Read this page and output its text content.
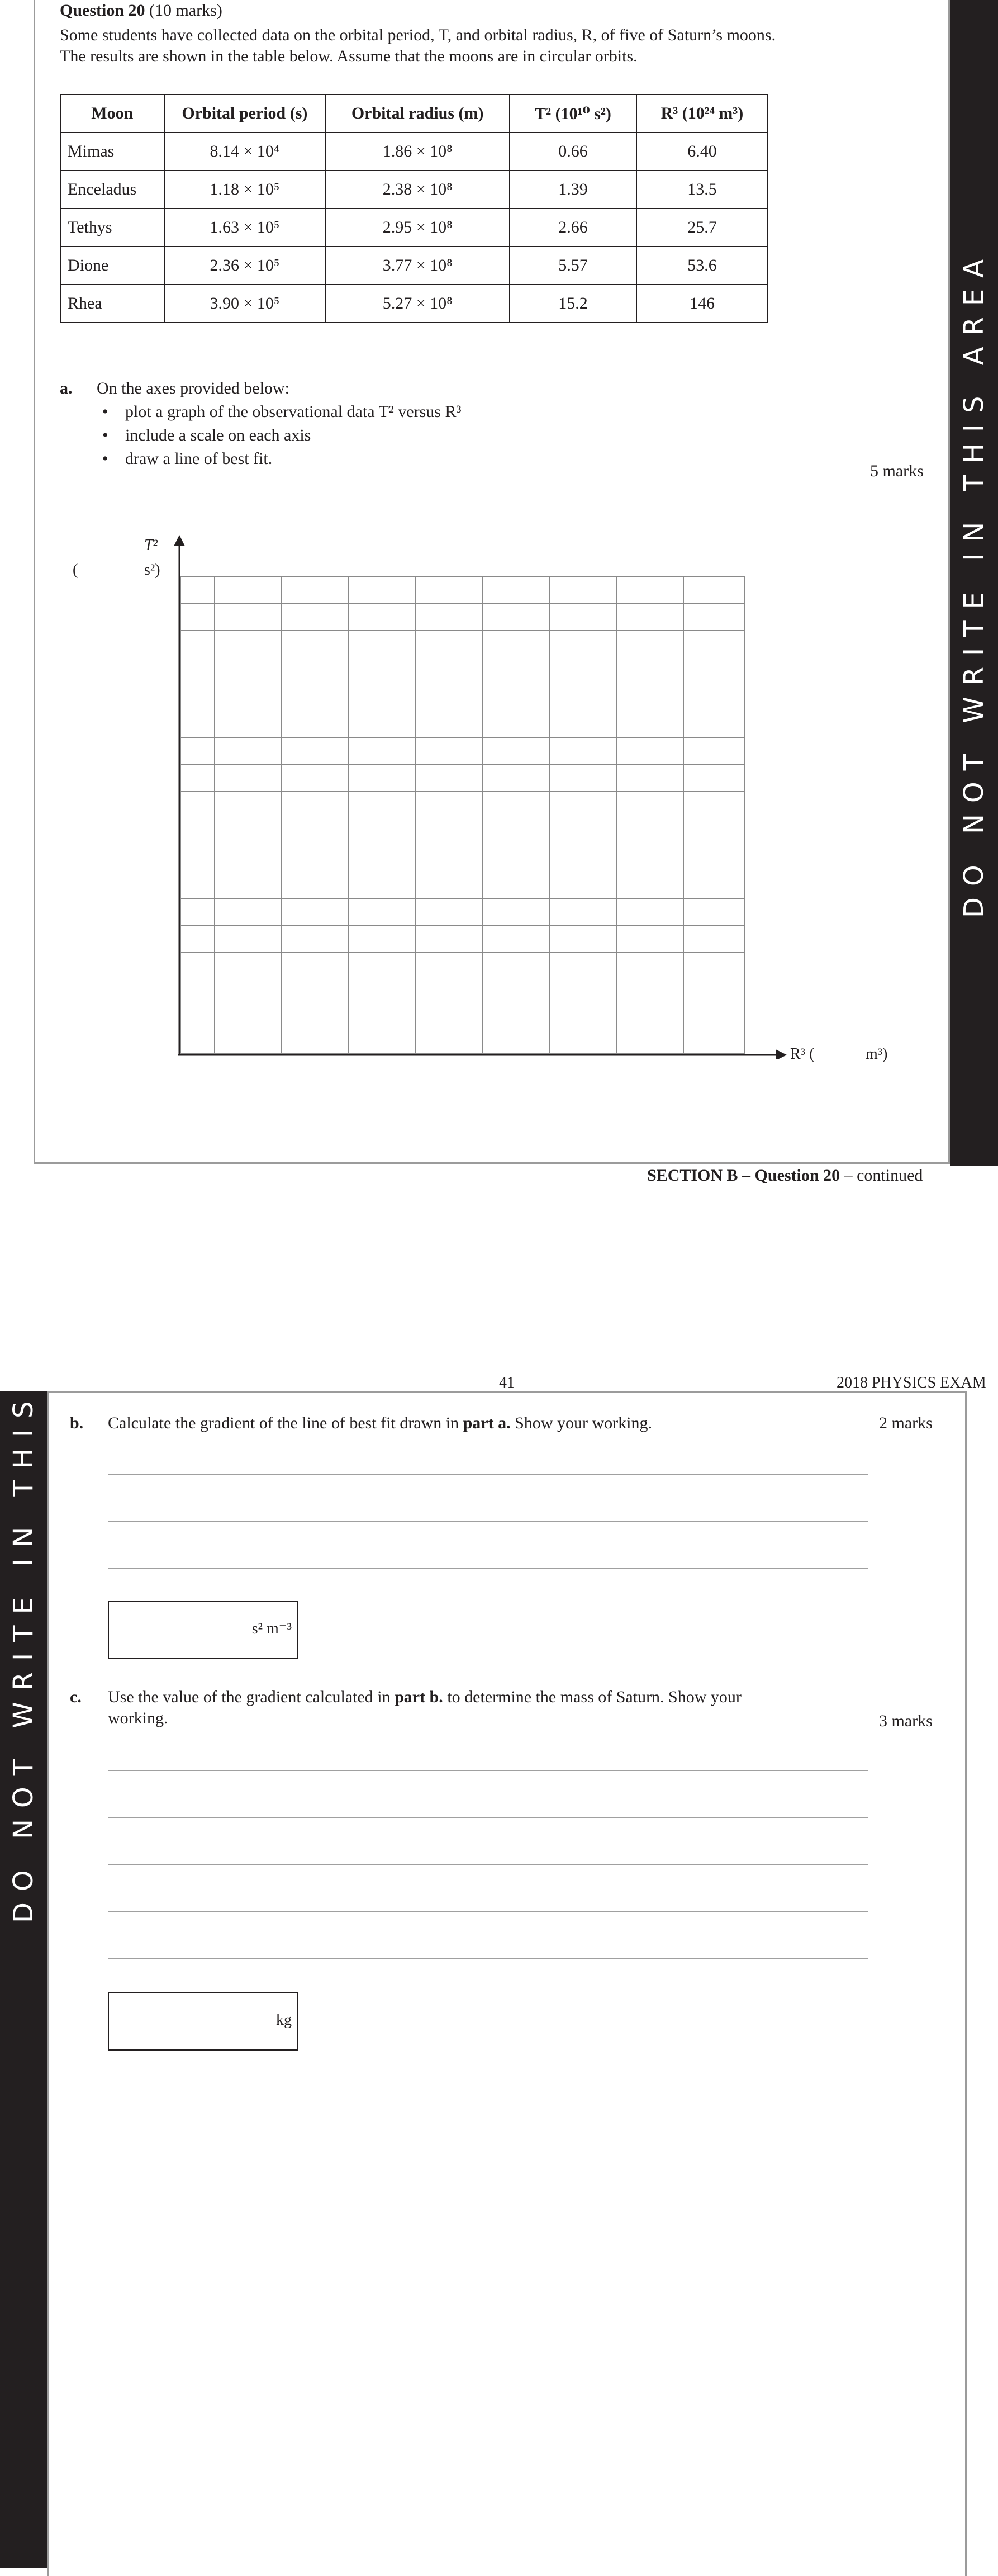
DO NOT WRITE IN THIS AREA
Question 20 (10 marks)
Some students have collected data on the orbital period, T, and orbital radius, R, of five of Saturn’s moons.
The results are shown in the table below. Assume that the moons are in circular orbits.
Moon	Orbital period (s)	Orbital radius (m)	T² (10¹⁰ s²)	R³ (10²⁴ m³)
Mimas	8.14 × 10⁴	1.86 × 10⁸	0.66	6.40
Enceladus	1.18 × 10⁵	2.38 × 10⁸	1.39	13.5
Tethys	1.63 × 10⁵	2.95 × 10⁸	2.66	25.7
Dione	2.36 × 10⁵	3.77 × 10⁸	5.57	53.6
Rhea	3.90 × 10⁵	5.27 × 10⁸	15.2	146
a. On the axes provided below:
• plot a graph of the observational data T² versus R³
• include a scale on each axis
• draw a line of best fit.
5 marks
T²
(	s²)
R³ (	m³)
SECTION B – Question 20 – continued
DO NOT WRITE IN THIS AREA	41	2018 PHYSICS EXAM
b. Calculate the gradient of the line of best fit drawn in part a. Show your working.	2 marks
s² m⁻³
c. Use the value of the gradient calculated in part b. to determine the mass of Saturn. Show your
working.	3 marks
kg
